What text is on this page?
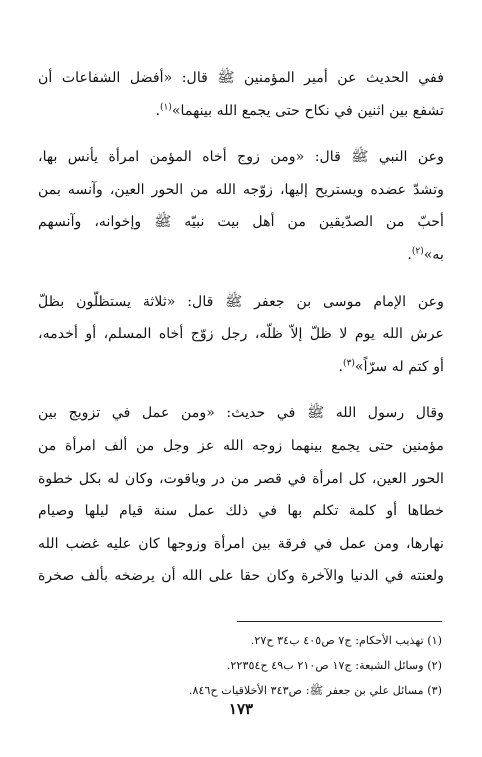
ففي الحديث عن أمير المؤمنين ﷺ قال: «أفضل الشفاعات أن
تشفع بين اثنين في نكاح حتى يجمع الله بينهما»$^{(١)}$.
وعن النبي ﷺ قال: «ومن زوج أخاه المؤمن امرأة يأنس بها،
وتشدّ عضده ويستريح إليها، زوّجه الله من الحور العين، وآنسه بمن
أحبّ من الصدّيقين من أهل بيت نبيّه ﷺ وإخوانه، وآنسهم
به»$^{(٢)}$.
وعن الإمام موسى بن جعفر ﷺ قال: «ثلاثة يستظلّون بظلّ
عرش الله يوم لا ظلّ إلاّ ظلّه، رجل زوّج أخاه المسلم، أو أخدمه،
أو كتم له سرّاً»$^{(٣)}$.
وقال رسول الله ﷺ في حديث: «ومن عمل في تزويج بين
مؤمنين حتى يجمع بينهما زوجه الله عز وجل من ألف امرأة من
الحور العين، كل امرأة في قصر من در وياقوت، وكان له بكل خطوة
خطاها أو كلمة تكلم بها في ذلك عمل سنة قيام ليلها وصيام
نهارها، ومن عمل في فرقة بين امرأة وزوجها كان عليه غضب الله
ولعنته في الدنيا والآخرة وكان حقا على الله أن يرضخه بألف صخرة
(١) تهذيب الأحكام: ج٧ ص٤٠٥ ب٣٤ ح٢٧.
(٢) وسائل الشيعة: ج١٧ ص٢١٠ ب٤٩ ح٢٢٣٥٤.
(٣) مسائل علي بن جعفر ﷺ: ص٣٤٣ الأخلاقيات ح٨٤٦.
١٧٣
